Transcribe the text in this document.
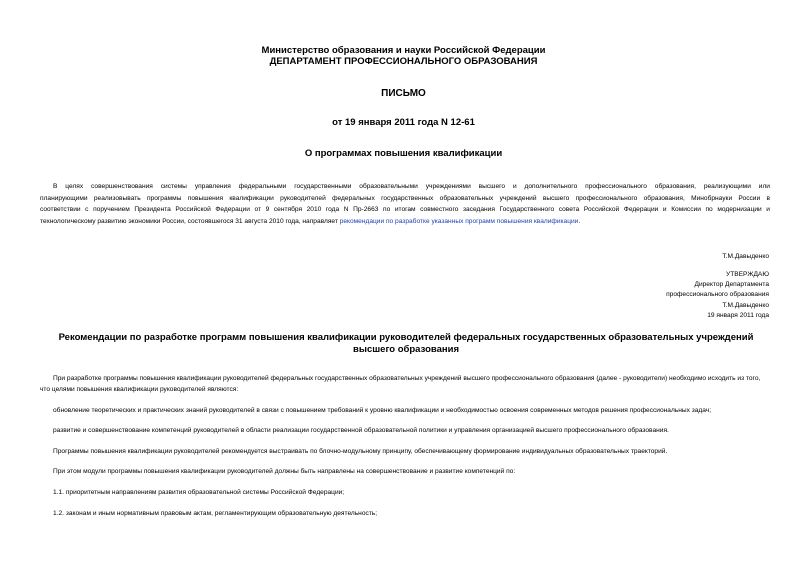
Министерство образования и науки Российской Федерации
ДЕПАРТАМЕНТ ПРОФЕССИОНАЛЬНОГО ОБРАЗОВАНИЯ
ПИСЬМО
от 19 января 2011 года N 12-61
О программах повышения квалификации
В целях совершенствования системы управления федеральными государственными образовательными учреждениями высшего и дополнительного профессионального образования, реализующими или
планирующими реализовывать программы повышения квалификации руководителей федеральных государственных образовательных учреждений высшего профессионального образования, Минобрнауки России в
соответствии с поручением Президента Российской Федерации от 9 сентября 2010 года N Пр-2663 по итогам совместного заседания Государственного совета Российской Федерации и Комиссии по модернизации и
технологическому развитию экономики России, состоявшегося 31 августа 2010 года, направляет рекомендации по разработке указанных программ повышения квалификации.
Т.М.Давыденко
УТВЕРЖДАЮ
Директор Департамента
профессионального образования
Т.М.Давыденко
19 января 2011 года
Рекомендации по разработке программ повышения квалификации руководителей федеральных государственных образовательных учреждений высшего образования
При разработке программы повышения квалификации руководителей федеральных государственных образовательных учреждений высшего профессионального образования (далее - руководители) необходимо исходить из того, что целями повышения квалификации руководителей являются:
обновление теоретических и практических знаний руководителей в связи с повышением требований к уровню квалификации и необходимостью освоения современных методов решения профессиональных задач;
развитие и совершенствование компетенций руководителей в области реализации государственной образовательной политики и управления организацией высшего профессионального образования.
Программы повышения квалификации руководителей рекомендуется выстраивать по блочно-модульному принципу, обеспечивающему формирование индивидуальных образовательных траекторий.
При этом модули программы повышения квалификации руководителей должны быть направлены на совершенствование и развитие компетенций по:
1.1. приоритетным направлениям развития образовательной системы Российской Федерации;
1.2. законам и иным нормативным правовым актам, регламентирующим образовательную деятельность;
